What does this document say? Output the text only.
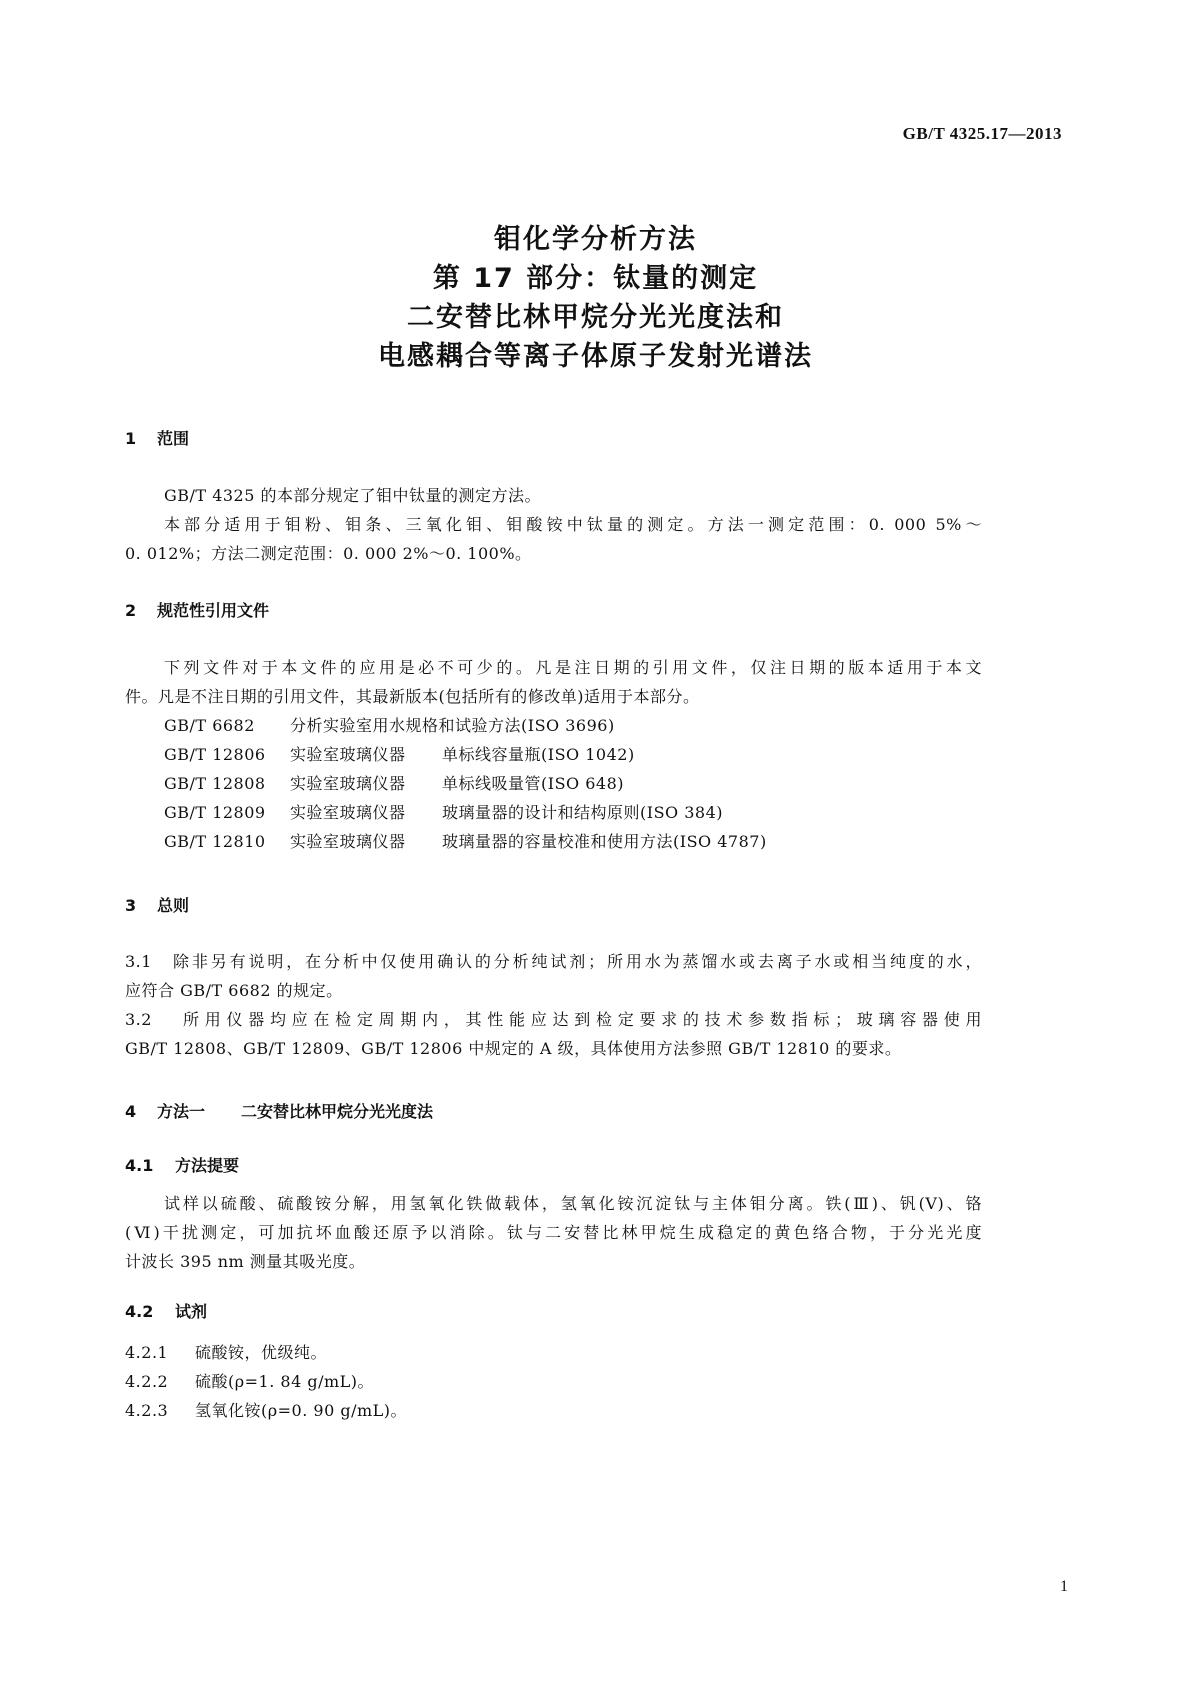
GB/T 4325.17—2013
钼化学分析方法
第 17 部分：钛量的测定
二安替比林甲烷分光光度法和
电感耦合等离子体原子发射光谱法
1 范围
GB/T 4325 的本部分规定了钼中钛量的测定方法。
本部分适用于钼粉、钼条、三氧化钼、钼酸铵中钛量的测定。方法一测定范围：0. 000 5%～
0. 012%；方法二测定范围：0. 000 2%～0. 100%。
2 规范性引用文件
下列文件对于本文件的应用是必不可少的。凡是注日期的引用文件，仅注日期的版本适用于本文
件。凡是不注日期的引用文件，其最新版本(包括所有的修改单)适用于本部分。
GB/T 6682 分析实验室用水规格和试验方法(ISO 3696)
GB/T 12806 实验室玻璃仪器 单标线容量瓶(ISO 1042)
GB/T 12808 实验室玻璃仪器 单标线吸量管(ISO 648)
GB/T 12809 实验室玻璃仪器 玻璃量器的设计和结构原则(ISO 384)
GB/T 12810 实验室玻璃仪器 玻璃量器的容量校准和使用方法(ISO 4787)
3 总则
3.1	除非另有说明，在分析中仅使用确认的分析纯试剂；所用水为蒸馏水或去离子水或相当纯度的水，
应符合 GB/T 6682 的规定。
3.2	所用仪器均应在检定周期内，其性能应达到检定要求的技术参数指标；玻璃容器使用
GB/T 12808、GB/T 12809、GB/T 12806 中规定的 A 级，具体使用方法参照 GB/T 12810 的要求。
4 方法一 二安替比林甲烷分光光度法
4.1 方法提要
试样以硫酸、硫酸铵分解，用氢氧化铁做载体，氢氧化铵沉淀钛与主体钼分离。铁(Ⅲ)、钒(V)、铬
(Ⅵ)干扰测定，可加抗坏血酸还原予以消除。钛与二安替比林甲烷生成稳定的黄色络合物，于分光光度
计波长 395 nm 测量其吸光度。
4.2 试剂
4.2.1 硫酸铵，优级纯。
4.2.2 硫酸(ρ=1. 84 g/mL)。
4.2.3 氢氧化铵(ρ=0. 90 g/mL)。
1
